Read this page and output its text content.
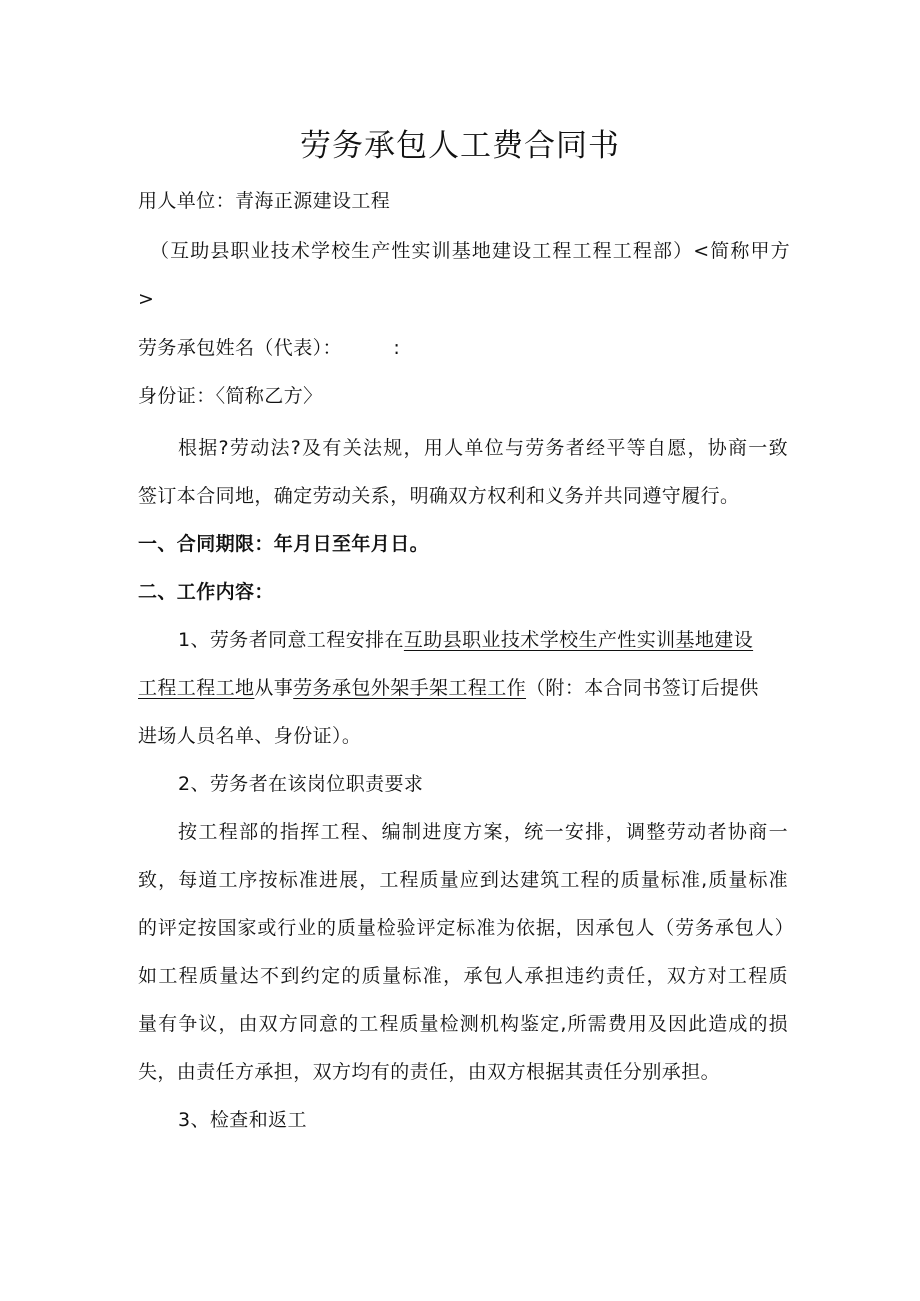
劳务承包人工费合同书
用人单位：青海正源建设工程
（互助县职业技术学校生产性实训基地建设工程工程工程部）<简称甲方
>
劳务承包姓名（代表）：        :
身份证：〈简称乙方〉
根据?劳动法?及有关法规，用人单位与劳务者经平等自愿，协商一致
签订本合同地，确定劳动关系，明确双方权利和义务并共同遵守履行。
一、合同期限：年月日至年月日。
二、工作内容：
1、劳务者同意工程安排在互助县职业技术学校生产性实训基地建设
工程工程工地从事劳务承包外架手架工程工作（附：本合同书签订后提供
进场人员名单、身份证）。
2、劳务者在该岗位职责要求
按工程部的指挥工程、编制进度方案，统一安排，调整劳动者协商一
致，每道工序按标准进展，工程质量应到达建筑工程的质量标准,质量标准
的评定按国家或行业的质量检验评定标准为依据，因承包人（劳务承包人）
如工程质量达不到约定的质量标准，承包人承担违约责任，双方对工程质
量有争议，由双方同意的工程质量检测机构鉴定,所需费用及因此造成的损
失，由责任方承担，双方均有的责任，由双方根据其责任分别承担。
3、检查和返工
